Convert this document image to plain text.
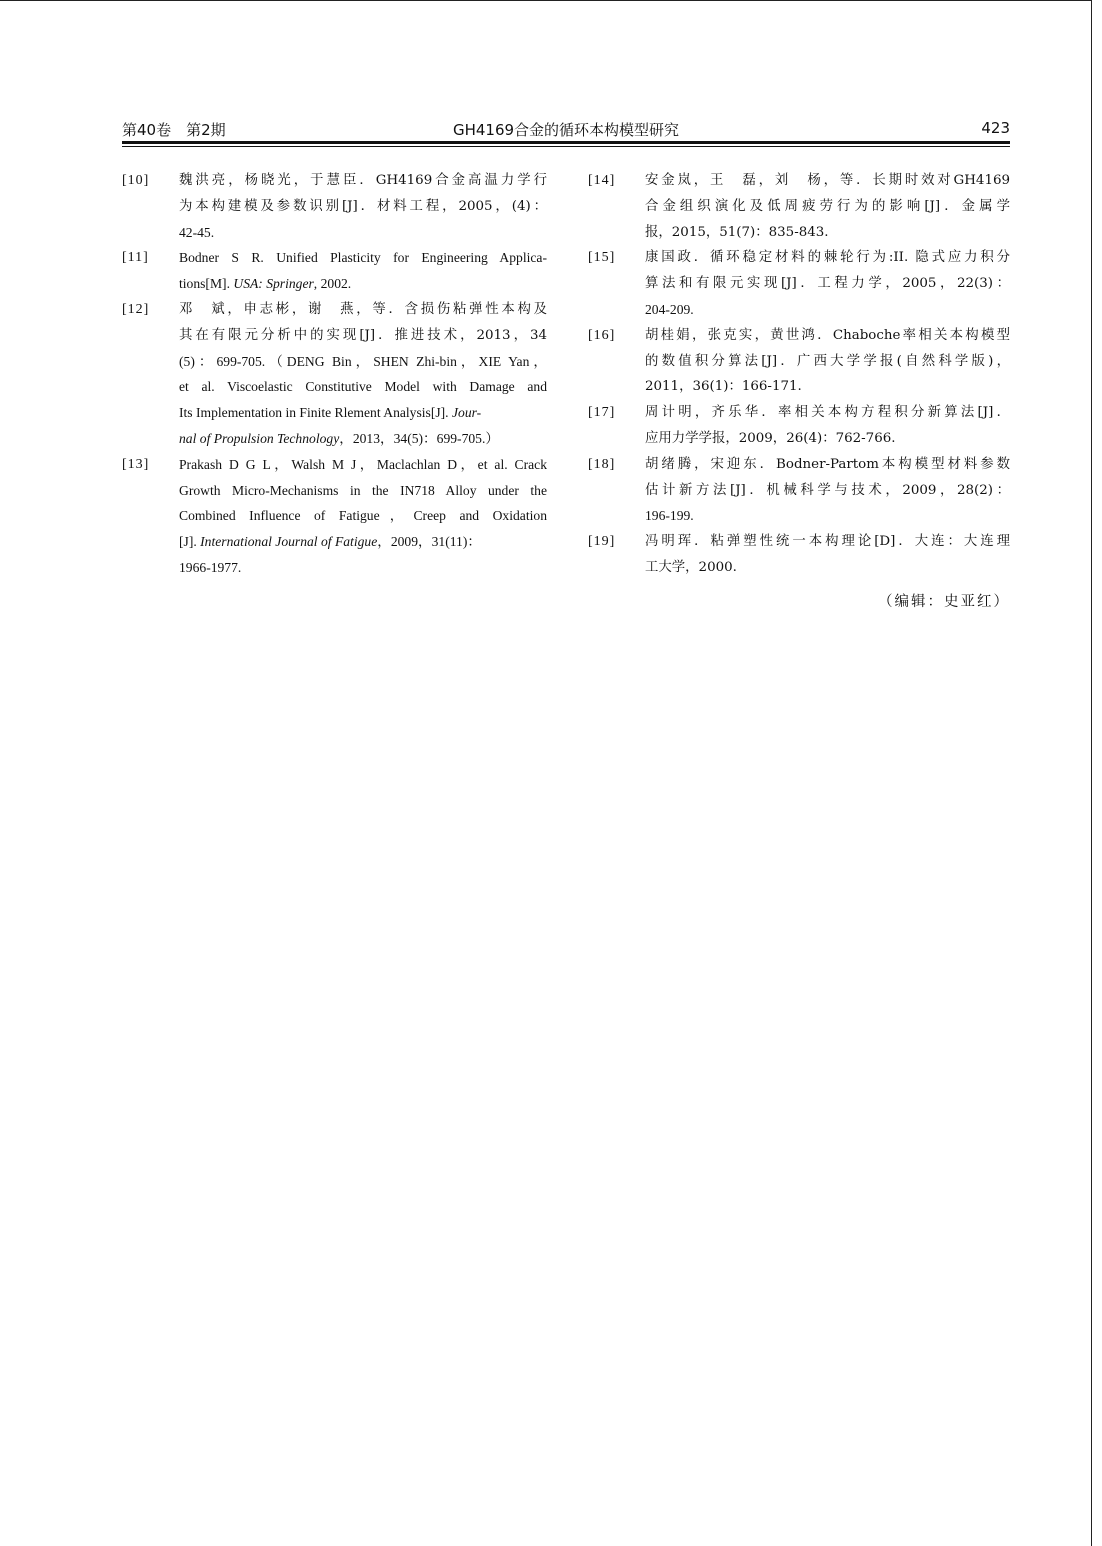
第40卷　第2期	GH4169合金的循环本构模型研究	423
[10] 魏洪亮，杨晓光，于慧臣．GH4169合金高温力学行
为本构建模及参数识别[J]．材料工程，2005，(4)：
42-45.
[11] Bodner S R. Unified Plasticity for Engineering Applica-
tions[M]. USA: Springer, 2002.
[12] 邓　斌，申志彬，谢　燕，等．含损伤粘弹性本构及
其在有限元分析中的实现[J]．推进技术，2013，34
(5)：699-705.（DENG Bin，SHEN Zhi-bin，XIE Yan，
et al. Viscoelastic Constitutive Model with Damage and
Its Implementation in Finite Rlement Analysis[J]. Jour-
nal of Propulsion Technology，2013，34(5)：699-705.）
[13] Prakash D G L，Walsh M J，Maclachlan D，et al. Crack
Growth Micro-Mechanisms in the IN718 Alloy under the
Combined Influence of Fatigue，Creep and Oxidation
[J]. International Journal of Fatigue，2009，31(11)：
1966-1977.
[14] 安金岚，王　磊，刘　杨，等．长期时效对GH4169
合金组织演化及低周疲劳行为的影响[J]．金属学
报，2015，51(7)：835-843.
[15] 康国政．循环稳定材料的棘轮行为:II. 隐式应力积分
算法和有限元实现[J]．工程力学，2005，22(3)：
204-209.
[16] 胡桂娟，张克实，黄世鸿．Chaboche率相关本构模型
的数值积分算法[J]．广西大学学报(自然科学版)，
2011，36(1)：166-171.
[17] 周计明，齐乐华．率相关本构方程积分新算法[J]．
应用力学学报，2009，26(4)：762-766.
[18] 胡绪腾，宋迎东．Bodner-Partom本构模型材料参数
估计新方法[J]．机械科学与技术，2009，28(2)：
196-199.
[19] 冯明珲．粘弹塑性统一本构理论[D]．大连：大连理
工大学，2000.
（编辑：史亚红）
